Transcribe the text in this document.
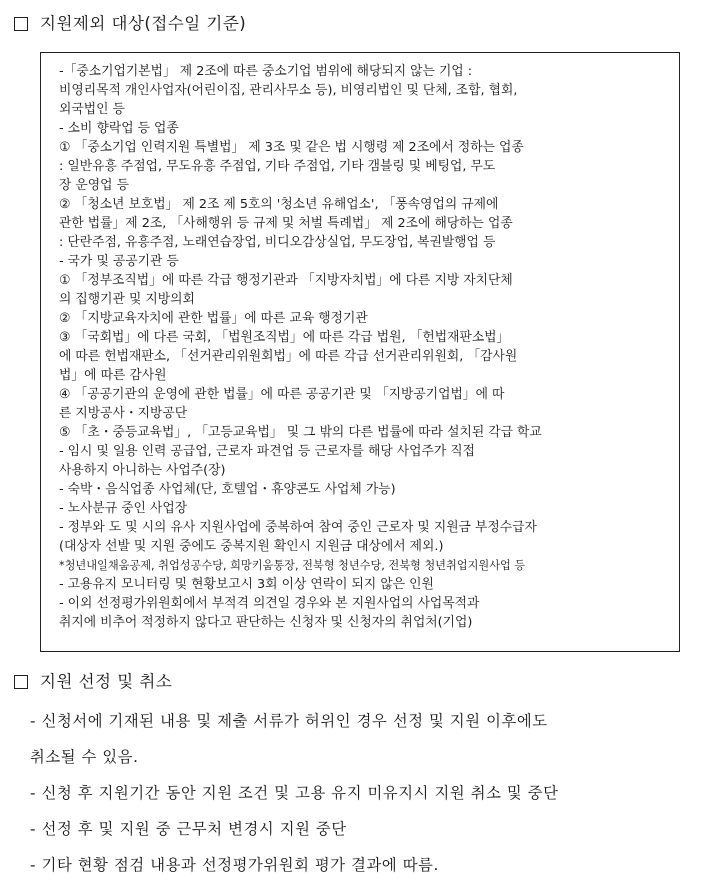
지원제외 대상(접수일 기준)
-「중소기업기본법」 제 2조에 따른 중소기업 범위에 해당되지 않는 기업 :
비영리목적 개인사업자(어린이집, 관리사무소 등), 비영리법인 및 단체, 조합, 협회,
외국법인 등
- 소비 향락업 등 업종
① 「중소기업 인력지원 특별법」 제 3조 및 같은 법 시행령 제 2조에서 정하는 업종
: 일반유흥 주점업, 무도유흥 주점업, 기타 주점업, 기타 갬블링 및 베팅업, 무도
장 운영업 등
② 「청소년 보호법」 제 2조 제 5호의 '청소년 유해업소', 「풍속영업의 규제에
관한 법률」제 2조, 「사해행위 등 규제 및 처벌 특례법」 제 2조에 해당하는 업종
: 단란주점, 유흥주점, 노래연습장업, 비디오감상실업, 무도장업, 복권발행업 등
- 국가 및 공공기관 등
① 「정부조직법」에 따른 각급 행정기관과 「지방자치법」에 다른 지방 자치단체
의 집행기관 및 지방의회
② 「지방교육자치에 관한 법률」에 따른 교육 행정기관
③ 「국회법」에 다른 국회, 「법원조직법」에 따른 각급 법원, 「헌법재판소법」
에 따른 헌법재판소, 「선거관리위원회법」에 따른 각급 선거관리위원회, 「감사원
법」에 따른 감사원
④ 「공공기관의 운영에 관한 법률」에 따른 공공기관 및 「지방공기업법」에 따
른 지방공사・지방공단
⑤ 「초・중등교육법」, 「고등교육법」 및 그 밖의 다른 법률에 따라 설치된 각급 학교
- 임시 및 일용 인력 공급업, 근로자 파견업 등 근로자를 해당 사업주가 직접
사용하지 아니하는 사업주(장)
- 숙박・음식업종 사업체(단, 호텔업・휴양콘도 사업체 가능)
- 노사분규 중인 사업장
- 정부와 도 및 시의 유사 지원사업에 중복하여 참여 중인 근로자 및 지원금 부정수급자
(대상자 선발 및 지원 중에도 중복지원 확인시 지원금 대상에서 제외.)
*청년내일채움공제, 취업성공수당, 희망키움통장, 전북형 청년수당, 전북형 청년취업지원사업 등
- 고용유지 모니터링 및 현황보고시 3회 이상 연락이 되지 않은 인원
- 이외 선정평가위원회에서 부적격 의견일 경우와 본 지원사업의 사업목적과
취지에 비추어 적정하지 않다고 판단하는 신청자 및 신청자의 취업처(기업)
지원 선정 및 취소
- 신청서에 기재된 내용 및 제출 서류가 허위인 경우 선정 및 지원 이후에도
취소될 수 있음.
- 신청 후 지원기간 동안 지원 조건 및 고용 유지 미유지시 지원 취소 및 중단
- 선정 후 및 지원 중 근무처 변경시 지원 중단
- 기타 현황 점검 내용과 선정평가위원회 평가 결과에 따름.
